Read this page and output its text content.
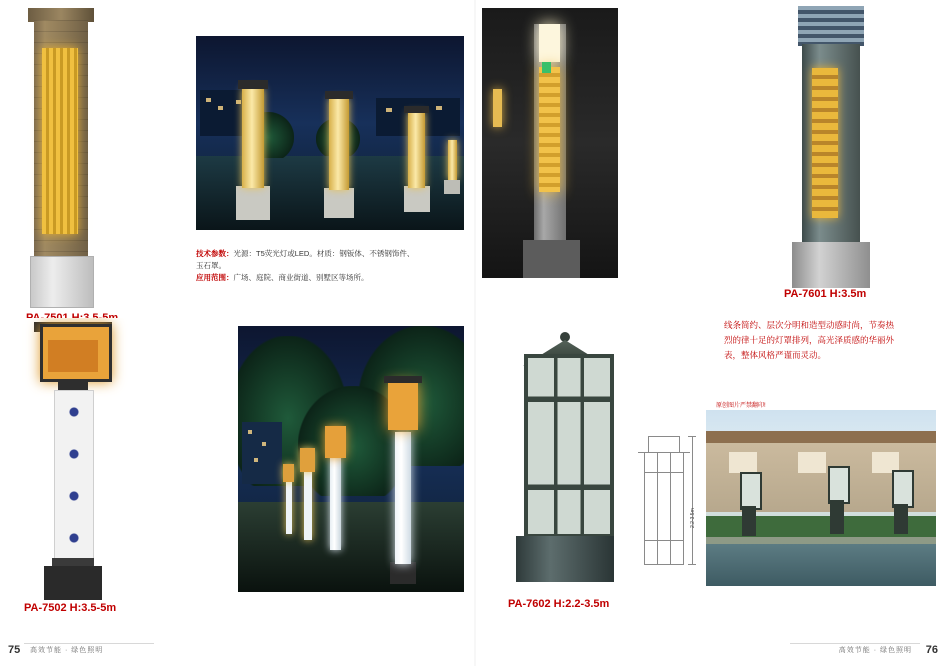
技术参数：光源：T5荧光灯或LED。材质：钢钣体、不锈钢饰件、玉石罩。
应用范围：广场、庭院、商业街道、别墅区等场所。
PA-7502 H:3.5-5m
75 高效节能 · 绿色照明
PA-7601 H:3.5m
线条简约、层次分明和造型动感时尚，节奏热烈的律十足的灯罩排列，高光泽质感的华丽外表，整体风格严谨而灵动。
PA-7602 H:2.2-3.5m
2.2-3.5m
原创图片严禁翻印!
76
高效节能 · 绿色照明
